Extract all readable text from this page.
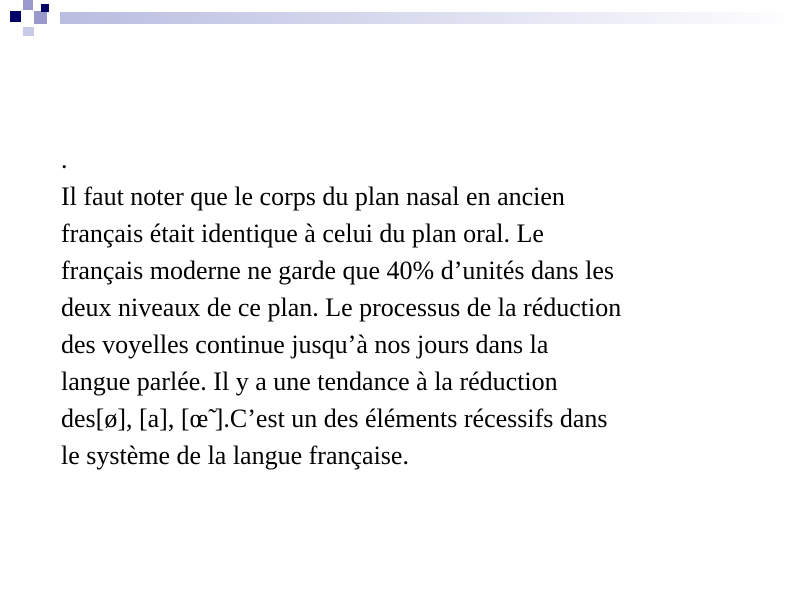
.
Il faut noter que le corps du plan nasal en ancien
français était identique à celui du plan oral. Le
français moderne ne garde que 40% d’unités dans les
deux niveaux de ce plan. Le processus de la réduction
des voyelles continue jusqu’à nos jours dans la
langue parlée. Il y a une tendance à la réduction
des[ø], [a], [œ̃ ].C’est un des éléments récessifs dans
le système de la langue française.
